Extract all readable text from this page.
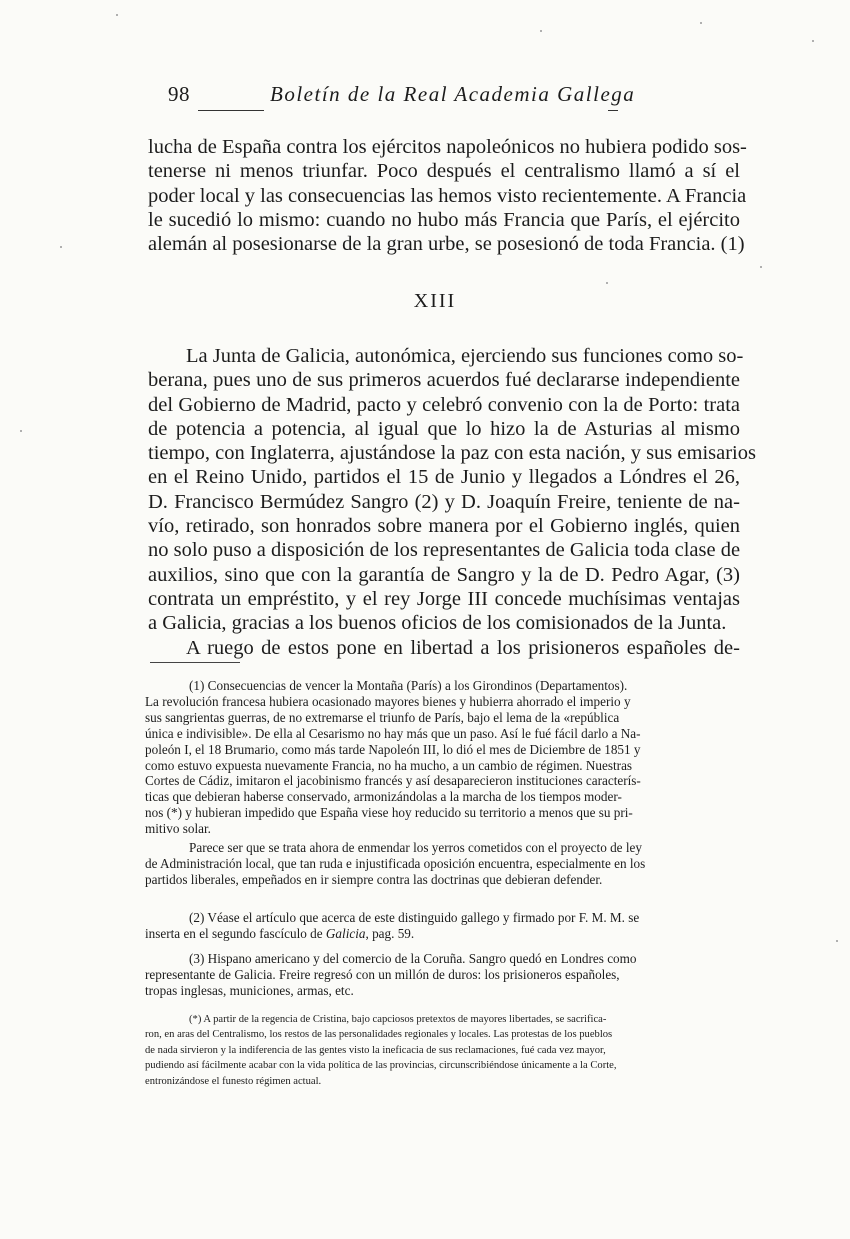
98	Boletín de la Real Academia Gallega
lucha de España contra los ejércitos napoleónicos no hubiera podido sos-
tenerse ni menos triunfar. Poco después el centralismo llamó a sí el
poder local y las consecuencias las hemos visto recientemente. A Francia
le sucedió lo mismo: cuando no hubo más Francia que París, el ejército
alemán al posesionarse de la gran urbe, se posesionó de toda Francia. (1)
XIII
La Junta de Galicia, autonómica, ejerciendo sus funciones como so-
berana, pues uno de sus primeros acuerdos fué declararse independiente
del Gobierno de Madrid, pacto y celebró convenio con la de Porto: trata
de potencia a potencia, al igual que lo hizo la de Asturias al mismo
tiempo, con Inglaterra, ajustándose la paz con esta nación, y sus emisarios
en el Reino Unido, partidos el 15 de Junio y llegados a Lóndres el 26,
D. Francisco Bermúdez Sangro (2) y D. Joaquín Freire, teniente de na-
vío, retirado, son honrados sobre manera por el Gobierno inglés, quien
no solo puso a disposición de los representantes de Galicia toda clase de
auxilios, sino que con la garantía de Sangro y la de D. Pedro Agar, (3)
contrata un empréstito, y el rey Jorge III concede muchísimas ventajas
a Galicia, gracias a los buenos oficios de los comisionados de la Junta.
A ruego de estos pone en libertad a los prisioneros españoles de-
(1) Consecuencias de vencer la Montaña (París) a los Girondinos (Departamentos).
La revolución francesa hubiera ocasionado mayores bienes y hubierra ahorrado el imperio y
sus sangrientas guerras, de no extremarse el triunfo de París, bajo el lema de la «república
única e indivisible». De ella al Cesarismo no hay más que un paso. Así le fué fácil darlo a Na-
poleón I, el 18 Brumario, como más tarde Napoleón III, lo dió el mes de Diciembre de 1851 y
como estuvo expuesta nuevamente Francia, no ha mucho, a un cambio de régimen. Nuestras
Cortes de Cádiz, imitaron el jacobinismo francés y así desaparecieron instituciones caracterís-
ticas que debieran haberse conservado, armonizándolas a la marcha de los tiempos moder-
nos (*) y hubieran impedido que España viese hoy reducido su territorio a menos que su pri-
mitivo solar.
Parece ser que se trata ahora de enmendar los yerros cometidos con el proyecto de ley
de Administración local, que tan ruda e injustificada oposición encuentra, especialmente en los
partidos liberales, empeñados en ir siempre contra las doctrinas que debieran defender.
(2) Véase el artículo que acerca de este distinguido gallego y firmado por F. M. M. se
inserta en el segundo fascículo de Galicia, pag. 59.
(3) Hispano americano y del comercio de la Coruña. Sangro quedó en Londres como
representante de Galicia. Freire regresó con un millón de duros: los prisioneros españoles,
tropas inglesas, municiones, armas, etc.
(*) A partir de la regencia de Cristina, bajo capciosos pretextos de mayores libertades, se sacrifica-
ron, en aras del Centralismo, los restos de las personalidades regionales y locales. Las protestas de los pueblos
de nada sirvieron y la indiferencia de las gentes visto la ineficacia de sus reclamaciones, fué cada vez mayor,
pudiendo así fácilmente acabar con la vida política de las provincias, circunscribiéndose únicamente a la Corte,
entronizándose el funesto régimen actual.
